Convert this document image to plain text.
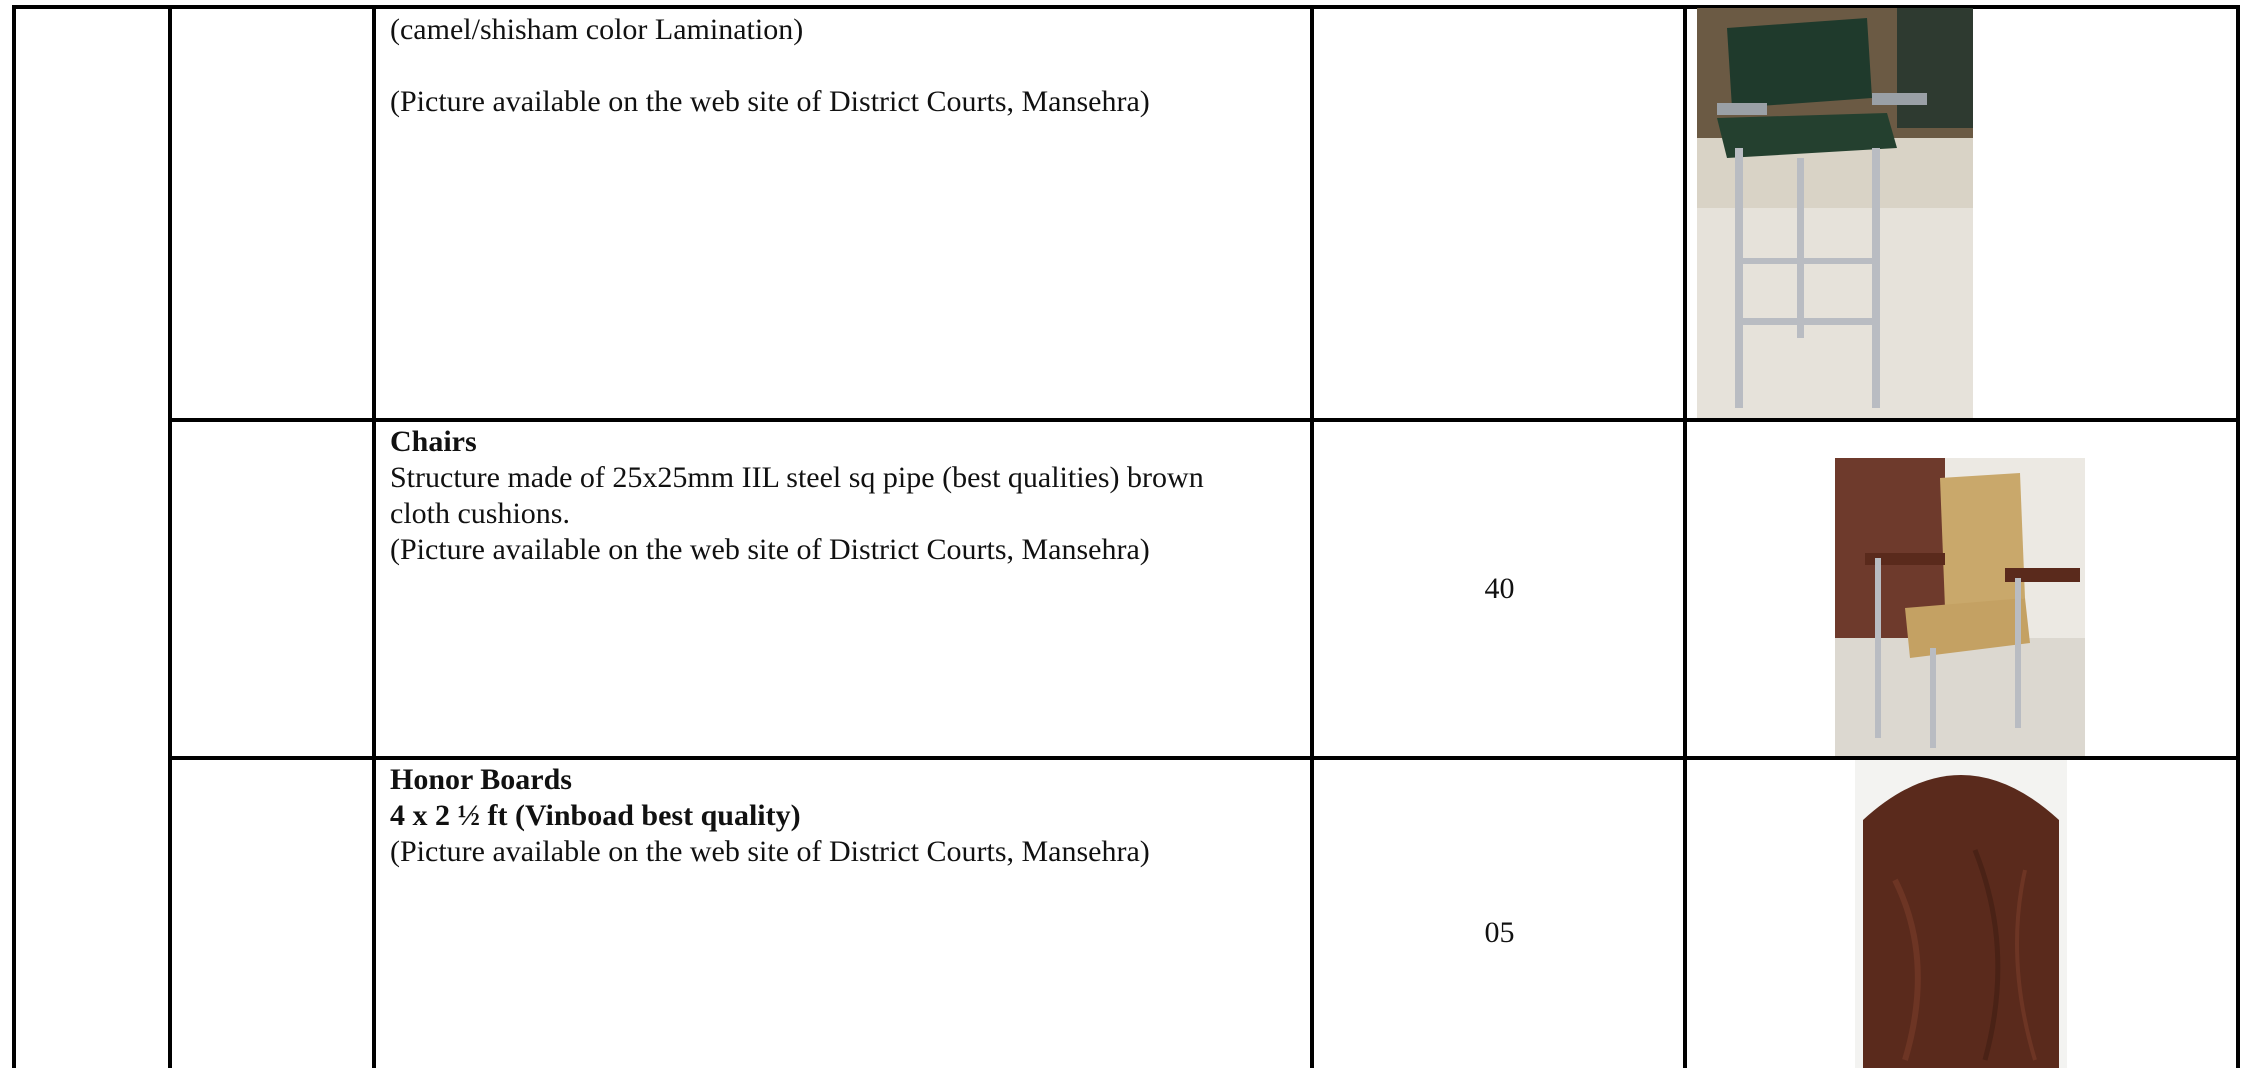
(camel/shisham color Lamination)

(Picture available on the web site of District Courts, Mansehra)

Chairs

Structure made of 25x25mm IIL steel sq pipe (best qualities) brown

cloth cushions.

(Picture available on the web site of District Courts, Mansehra)

40

Honor Boards

4 x 2 ½ ft (Vinboad best quality)

(Picture available on the web site of District Courts, Mansehra)

05
